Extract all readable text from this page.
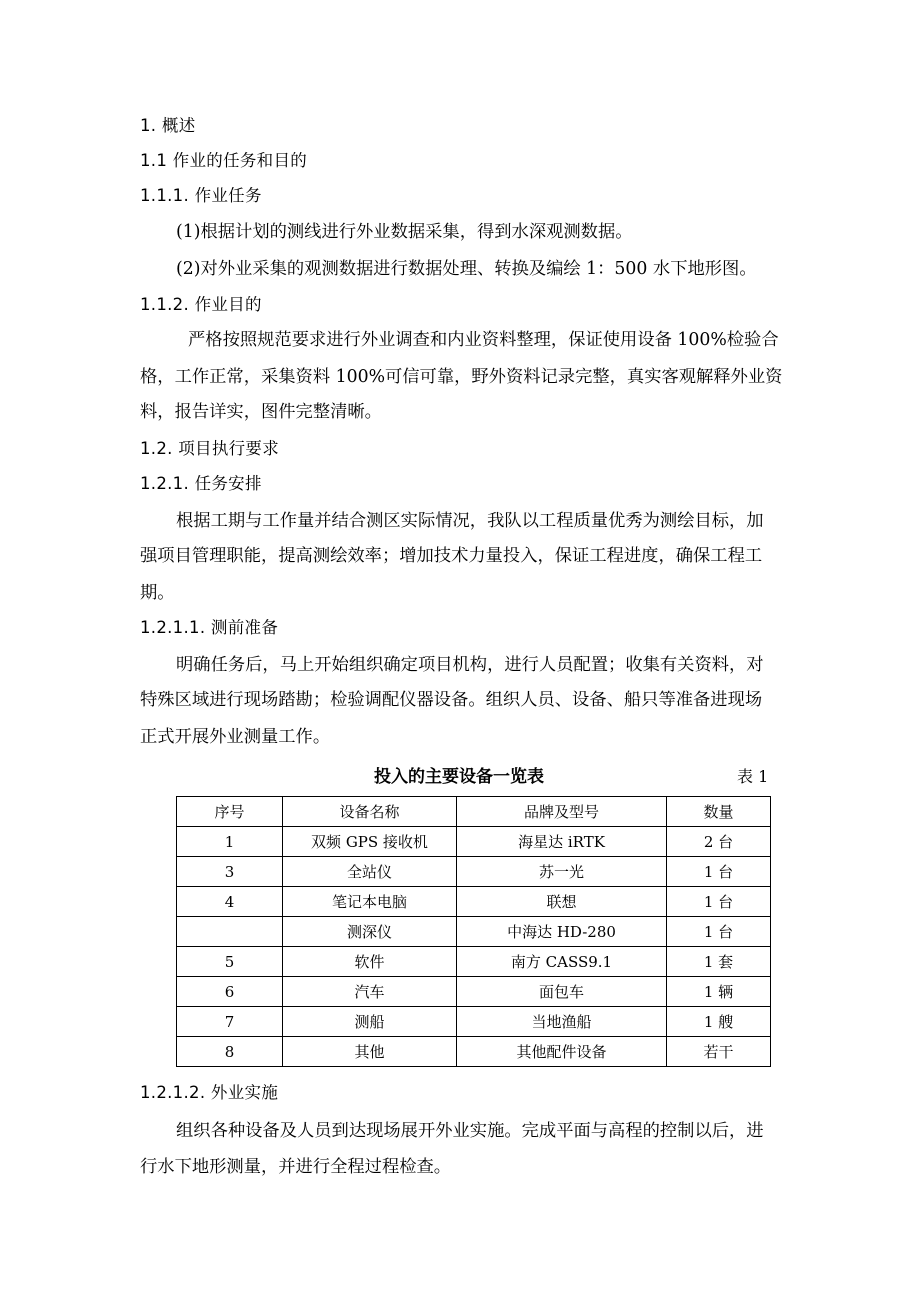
1. 概述
1.1 作业的任务和目的
1.1.1. 作业任务
(1)根据计划的测线进行外业数据采集，得到水深观测数据。
(2)对外业采集的观测数据进行数据处理、转换及编绘 1：500 水下地形图。
1.1.2. 作业目的
严格按照规范要求进行外业调查和内业资料整理，保证使用设备 100%检验合
格，工作正常，采集资料 100%可信可靠，野外资料记录完整，真实客观解释外业资
料，报告详实，图件完整清晰。
1.2. 项目执行要求
1.2.1. 任务安排
根据工期与工作量并结合测区实际情况，我队以工程质量优秀为测绘目标，加
强项目管理职能，提高测绘效率；增加技术力量投入，保证工程进度，确保工程工
期。
1.2.1.1. 测前准备
明确任务后，马上开始组织确定项目机构，进行人员配置；收集有关资料，对
特殊区域进行现场踏勘；检验调配仪器设备。组织人员、设备、船只等准备进现场
正式开展外业测量工作。
投入的主要设备一览表	表 1
序号	设备名称	品牌及型号	数量
1	双频 GPS 接收机	海星达 iRTK	2 台
3	全站仪	苏一光	1 台
4	笔记本电脑	联想	1 台
	测深仪	中海达 HD-280	1 台
5	软件	南方 CASS9.1	1 套
6	汽车	面包车	1 辆
7	测船	当地渔船	1 艘
8	其他	其他配件设备	若干
1.2.1.2. 外业实施
组织各种设备及人员到达现场展开外业实施。完成平面与高程的控制以后，进
行水下地形测量，并进行全程过程检查。
